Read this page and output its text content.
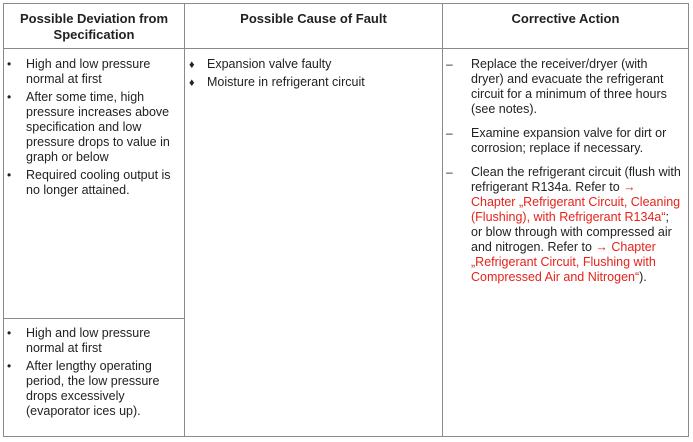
Possible Deviation from Specification
Possible Cause of Fault	Corrective Action
• High and low pressure normal at first
• After some time, high pressure increases above specification and low pressure drops to value in graph or below
• Required cooling output is no longer attained.
• High and low pressure normal at first
• After lengthy operating period, the low pressure drops excessively (evaporator ices up).
♦ Expansion valve faulty
♦ Moisture in refrigerant circuit
– Replace the receiver/dryer (with dryer) and evacuate the refrigerant circuit for a minimum of three hours (see notes).
– Examine expansion valve for dirt or corrosion; replace if necessary.
– Clean the refrigerant circuit (flush with refrigerant R134a. Refer to → Chapter „Refrigerant Circuit, Cleaning (Flushing), with Refrigerant R134a“; or blow through with compressed air and nitrogen. Refer to → Chapter „Refrigerant Circuit, Flushing with Compressed Air and Nitrogen“).
